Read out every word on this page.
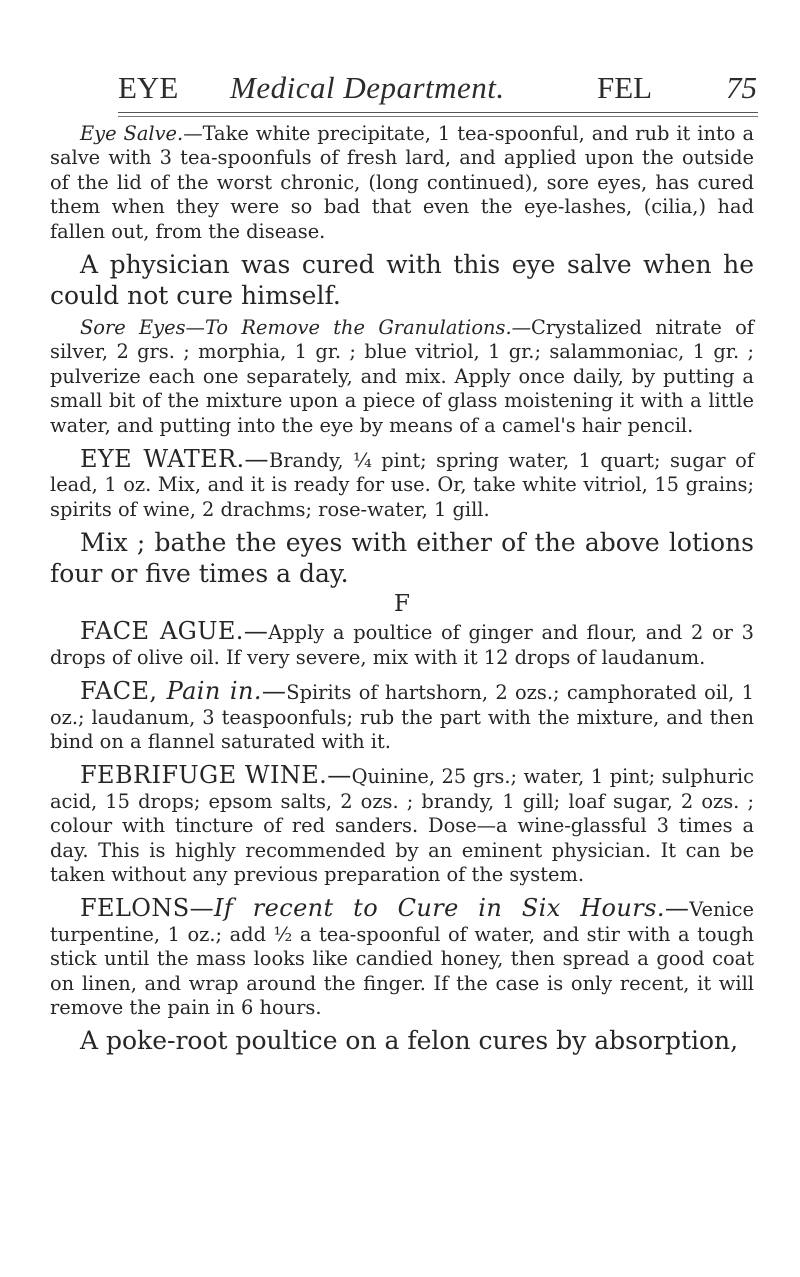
EYE Medical Department.	FEL 75

Eye Salve.—Take white precipitate, 1 tea-spoonful, and rub it into a salve with 3 tea-spoonfuls of fresh lard, and applied upon the outside of the lid of the worst chronic, (long continued), sore eyes, has cured them when they were so bad that even the eye-lashes, (cilia,) had fallen out, from the disease.

A physician was cured with this eye salve when he could not cure himself.

Sore Eyes—To Remove the Granulations.—Crystalized nitrate of silver, 2 grs. ; morphia, 1 gr. ; blue vitriol, 1 gr.; salammoniac, 1 gr. ; pulverize each one separately, and mix. Apply once daily, by putting a small bit of the mixture upon a piece of glass moistening it with a little water, and putting into the eye by means of a camel's hair pencil.

EYE WATER.—Brandy, ¼ pint; spring water, 1 quart; sugar of lead, 1 oz. Mix, and it is ready for use. Or, take white vitriol, 15 grains; spirits of wine, 2 drachms; rose-water, 1 gill.

Mix ; bathe the eyes with either of the above lotions four or five times a day.

F

FACE AGUE.—Apply a poultice of ginger and flour, and 2 or 3 drops of olive oil. If very severe, mix with it 12 drops of laudanum.

FACE, Pain in.—Spirits of hartshorn, 2 ozs.; camphorated oil, 1 oz.; laudanum, 3 teaspoonfuls; rub the part with the mixture, and then bind on a flannel saturated with it.

FEBRIFUGE WINE.—Quinine, 25 grs.; water, 1 pint; sulphuric acid, 15 drops; epsom salts, 2 ozs. ; brandy, 1 gill; loaf sugar, 2 ozs. ; colour with tincture of red sanders. Dose—a wine-glassful 3 times a day. This is highly recommended by an eminent physician. It can be taken without any previous preparation of the system.

FELONS—If recent to Cure in Six Hours.—Venice turpentine, 1 oz.; add ½ a tea-spoonful of water, and stir with a tough stick until the mass looks like candied honey, then spread a good coat on linen, and wrap around the finger. If the case is only recent, it will remove the pain in 6 hours.

A poke-root poultice on a felon cures by absorption,
